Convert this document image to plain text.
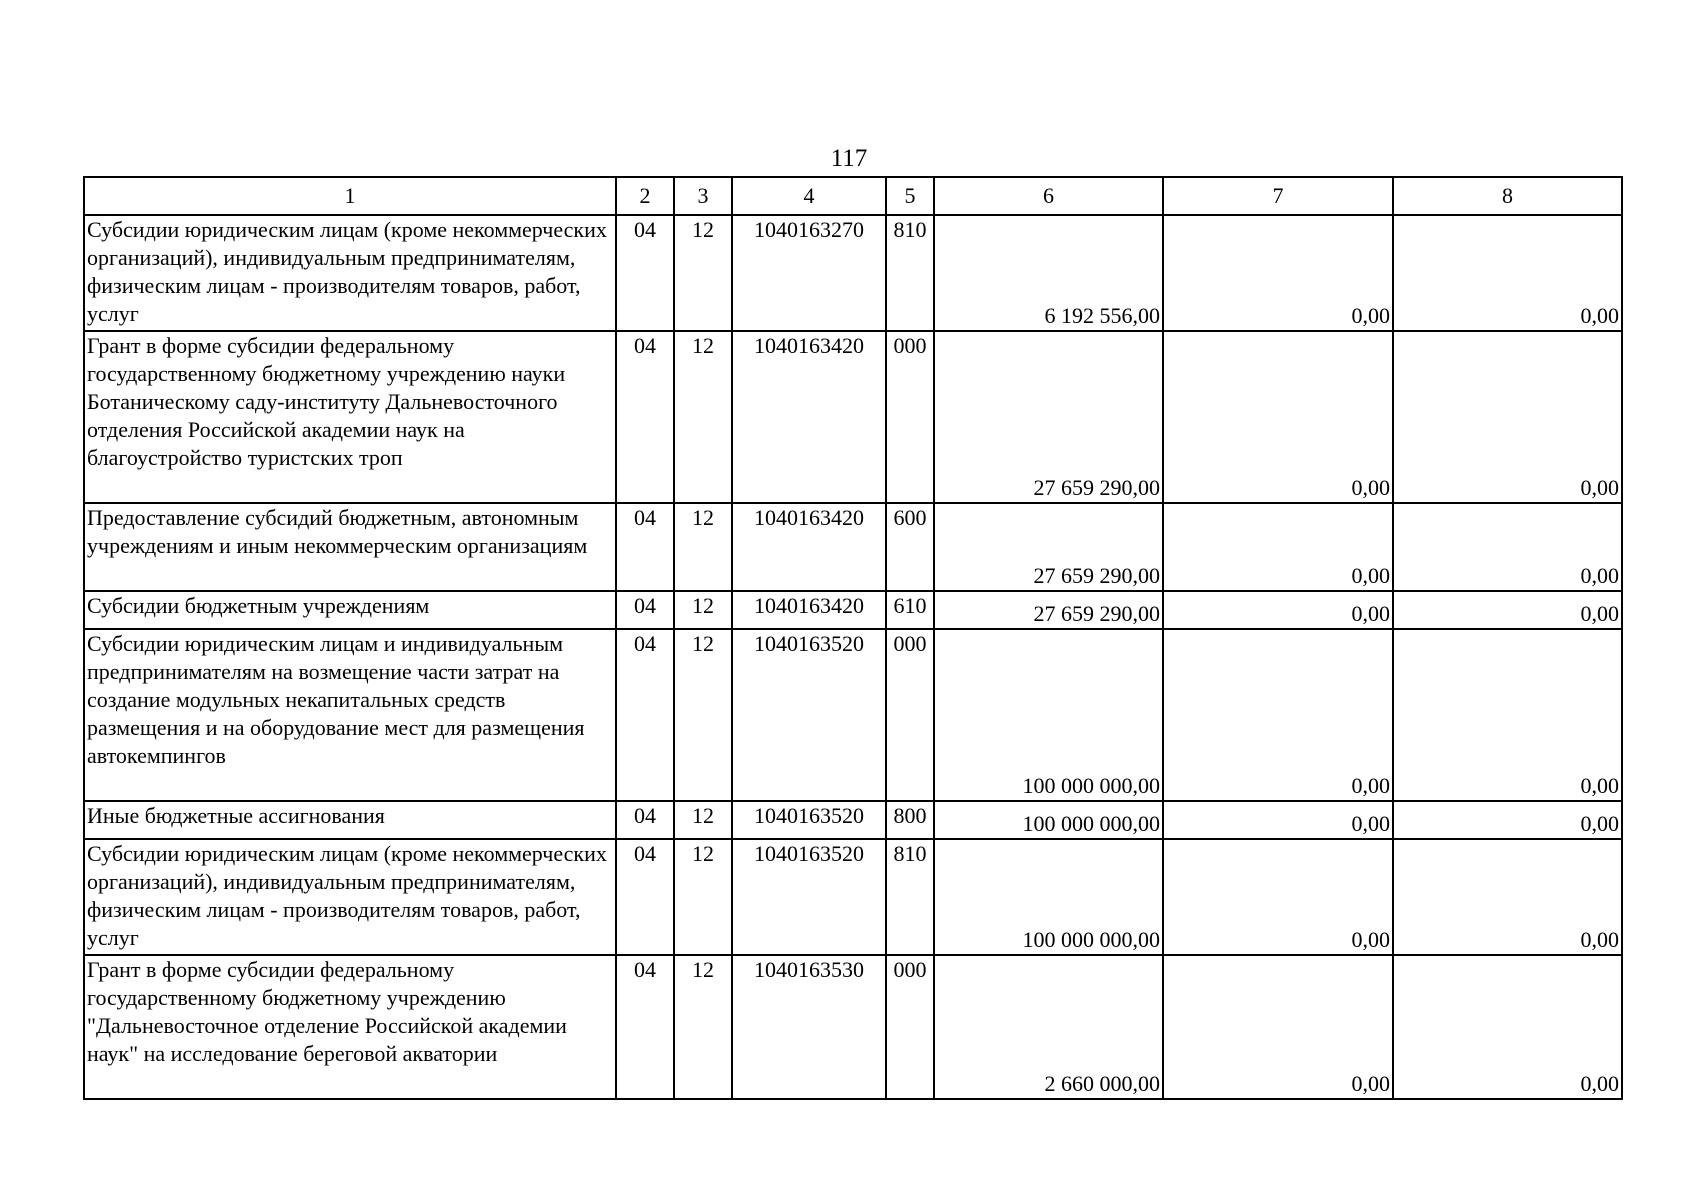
117
1	2	3	4	5	6	7	8
Субсидии юридическим лицам (кроме некоммерческих организаций), индивидуальным предпринимателям, физическим лицам - производителям товаров, работ, услуг	04	12	1040163270	810	6 192 556,00	0,00	0,00
Грант в форме субсидии федеральному государственному бюджетному учреждению науки Ботаническому саду-институту Дальневосточного отделения Российской академии наук на благоустройство туристских троп	04	12	1040163420	000	27 659 290,00	0,00	0,00
Предоставление субсидий бюджетным, автономным учреждениям и иным некоммерческим организациям	04	12	1040163420	600	27 659 290,00	0,00	0,00
Субсидии бюджетным учреждениям	04	12	1040163420	610	27 659 290,00	0,00	0,00
Субсидии юридическим лицам и индивидуальным предпринимателям на возмещение части затрат на создание модульных некапитальных средств размещения и на оборудование мест для размещения автокемпингов	04	12	1040163520	000	100 000 000,00	0,00	0,00
Иные бюджетные ассигнования	04	12	1040163520	800	100 000 000,00	0,00	0,00
Субсидии юридическим лицам (кроме некоммерческих организаций), индивидуальным предпринимателям, физическим лицам - производителям товаров, работ, услуг	04	12	1040163520	810	100 000 000,00	0,00	0,00
Грант в форме субсидии федеральному государственному бюджетному учреждению "Дальневосточное отделение Российской академии наук" на исследование береговой акватории	04	12	1040163530	000	2 660 000,00	0,00	0,00
